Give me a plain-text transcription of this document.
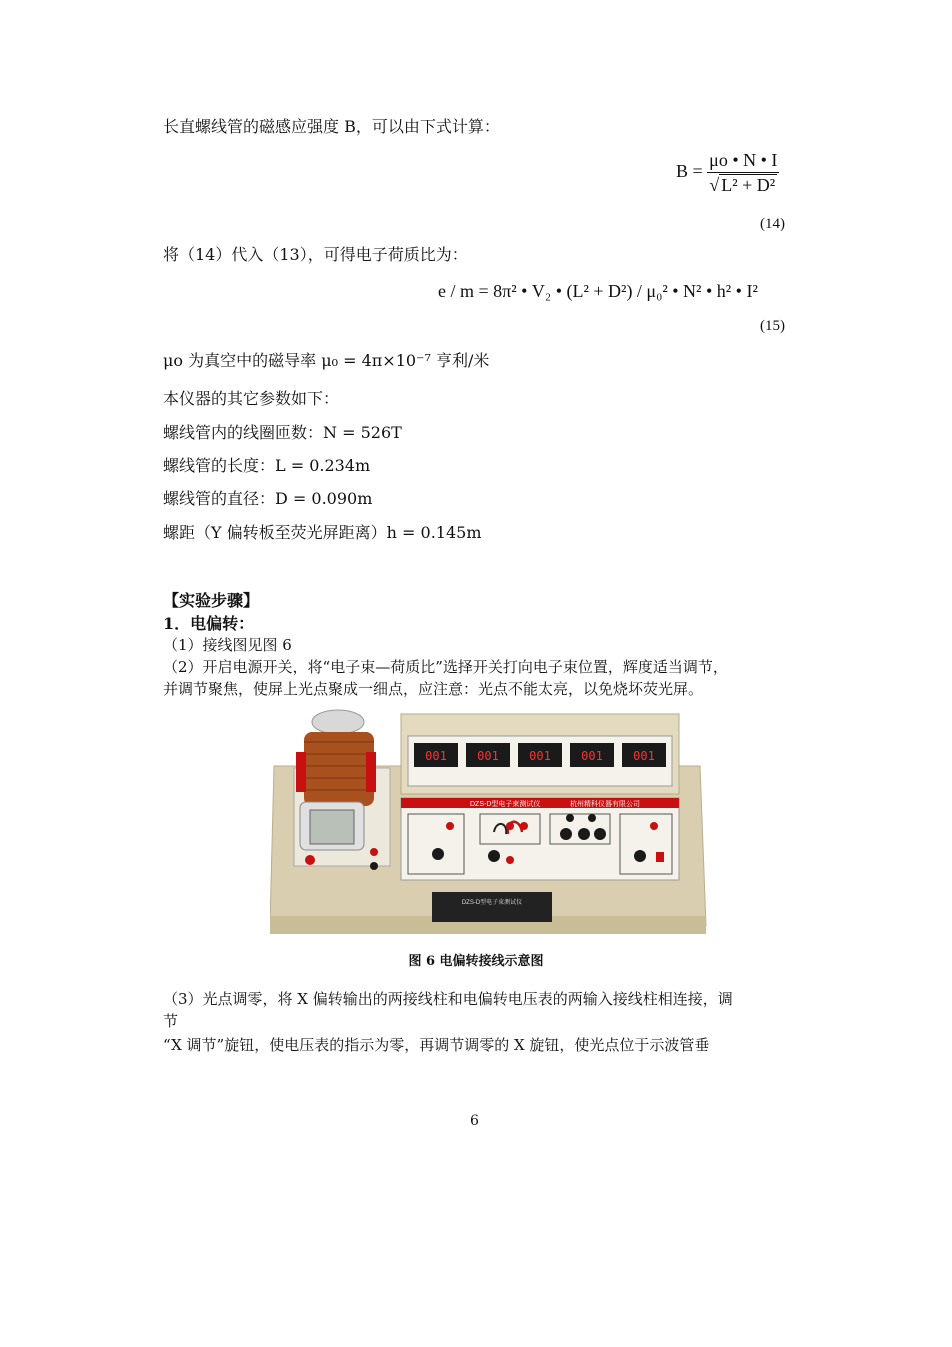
长直螺线管的磁感应强度 B，可以由下式计算：
$B = \frac{\mu o • N • I}{\text{√ L² + D²}}$
(14)
将（14）代入（13），可得电子荷质比为：
e / m = 8π² • V₂ • (L² + D²) / μ₀² • N² • h² • I²
(15)
μo 为真空中的磁导率 μ₀ = 4π×10⁻⁷ 亨利/米
本仪器的其它参数如下：
螺线管内的线圈匝数：N = 526T
螺线管的长度：L = 0.234m
螺线管的直径：D = 0.090m
螺距（Y 偏转板至荧光屏距离）h = 0.145m
【实验步骤】
1．电偏转：
（1）接线图见图 6
（2）开启电源开关，将“电子束—荷质比”选择开关打向电子束位置，辉度适当调节，
并调节聚焦，使屏上光点聚成一细点，应注意：光点不能太亮，以免烧坏荧光屏。
001	001	001	001	001
DZS-D型电子束测试仪	杭州精科仪器有限公司
DZS-D型电子束测试仪
图 6 电偏转接线示意图
（3）光点调零，将 X 偏转输出的两接线柱和电偏转电压表的两输入接线柱相连接，调
节
“X 调节”旋钮，使电压表的指示为零，再调节调零的 X 旋钮，使光点位于示波管垂
6
